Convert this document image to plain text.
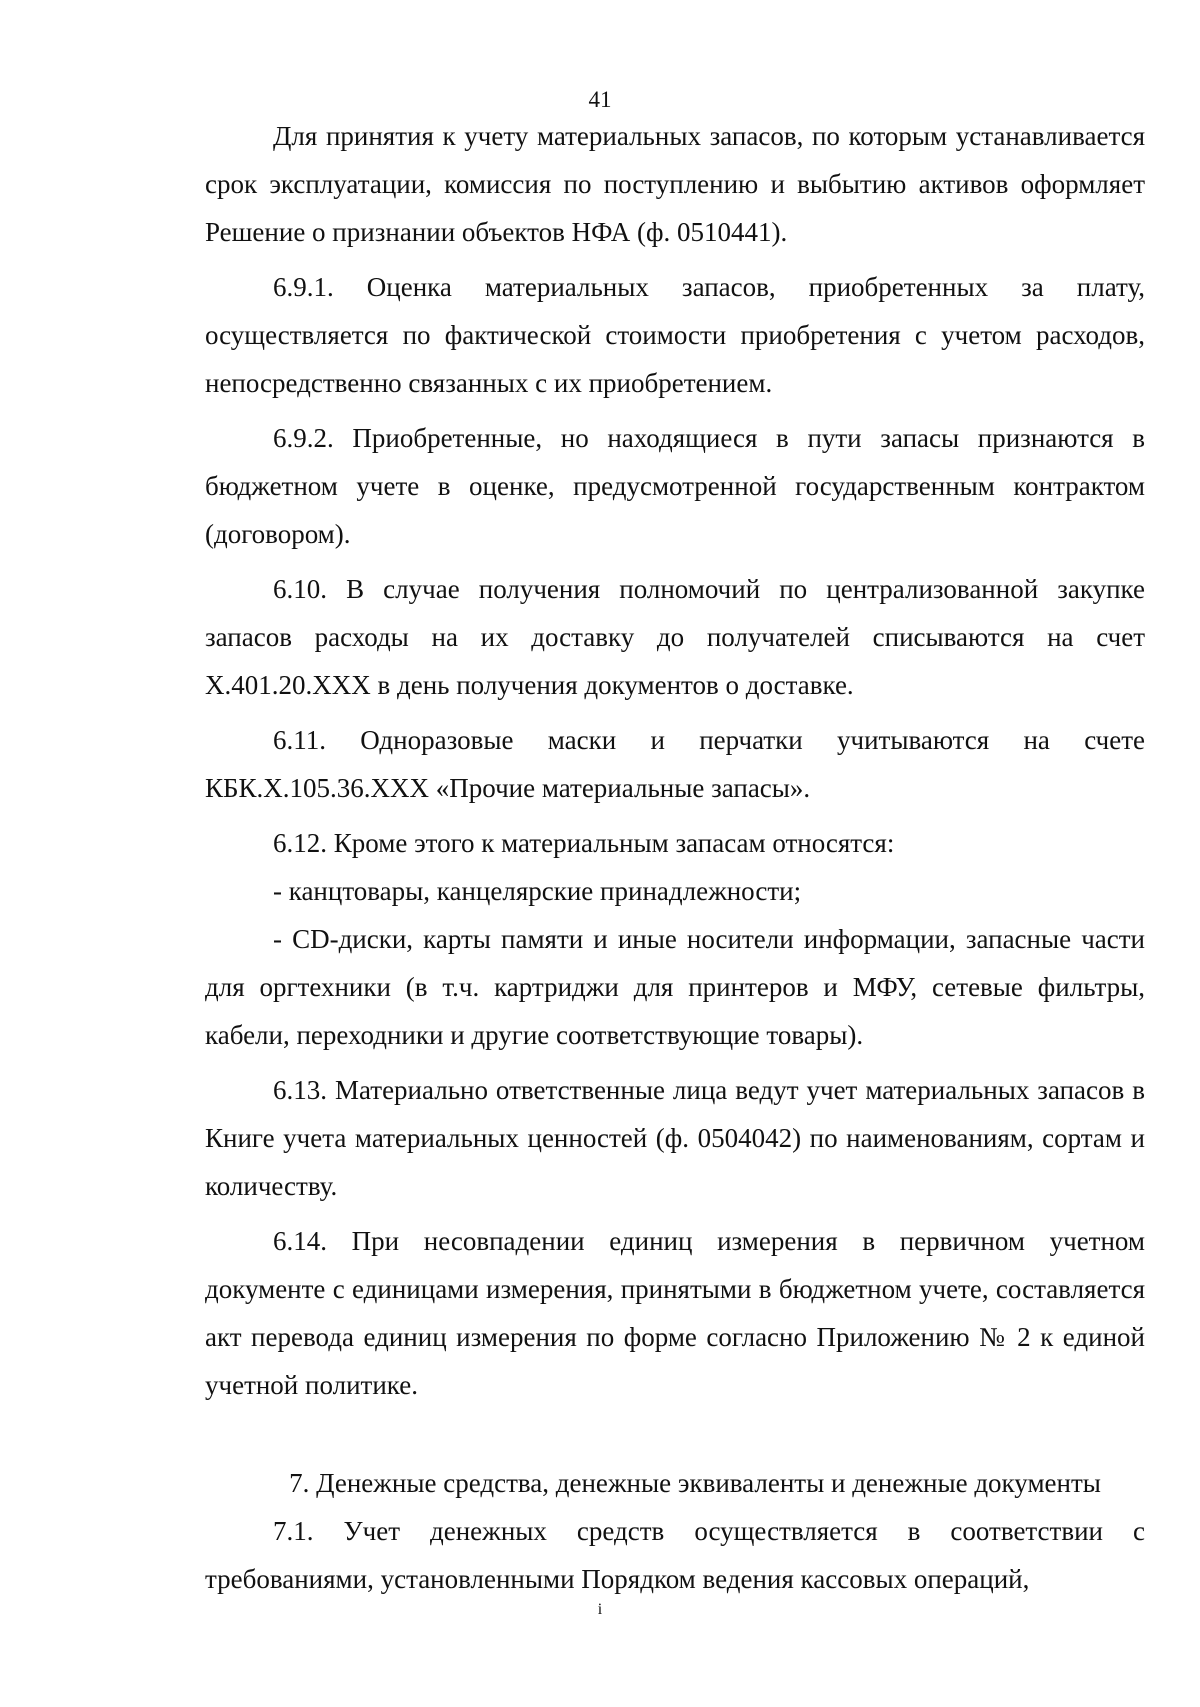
41

Для принятия к учету материальных запасов, по которым устанавливается срок эксплуатации, комиссия по поступлению и выбытию активов оформляет Решение о признании объектов НФА (ф. 0510441).

6.9.1. Оценка материальных запасов, приобретенных за плату, осуществляется по фактической стоимости приобретения с учетом расходов, непосредственно связанных с их приобретением.

6.9.2. Приобретенные, но находящиеся в пути запасы признаются в бюджетном учете в оценке, предусмотренной государственным контрактом (договором).

6.10. В случае получения полномочий по централизованной закупке запасов расходы на их доставку до получателей списываются на счет Х.401.20.ХХХ в день получения документов о доставке.

6.11. Одноразовые маски и перчатки учитываются на счете КБК.Х.105.36.ХХХ «Прочие материальные запасы».

6.12. Кроме этого к материальным запасам относятся:

- канцтовары, канцелярские принадлежности;

- CD-диски, карты памяти и иные носители информации, запасные части для оргтехники (в т.ч. картриджи для принтеров и МФУ, сетевые фильтры, кабели, переходники и другие соответствующие товары).

6.13. Материально ответственные лица ведут учет материальных запасов в Книге учета материальных ценностей (ф. 0504042) по наименованиям, сортам и количеству.

6.14. При несовпадении единиц измерения в первичном учетном документе с единицами измерения, принятыми в бюджетном учете, составляется акт перевода единиц измерения по форме согласно Приложению № 2 к единой учетной политике.

7. Денежные средства, денежные эквиваленты и денежные документы

7.1. Учет денежных средств осуществляется в соответствии с требованиями, установленными Порядком ведения кассовых операций,

i
